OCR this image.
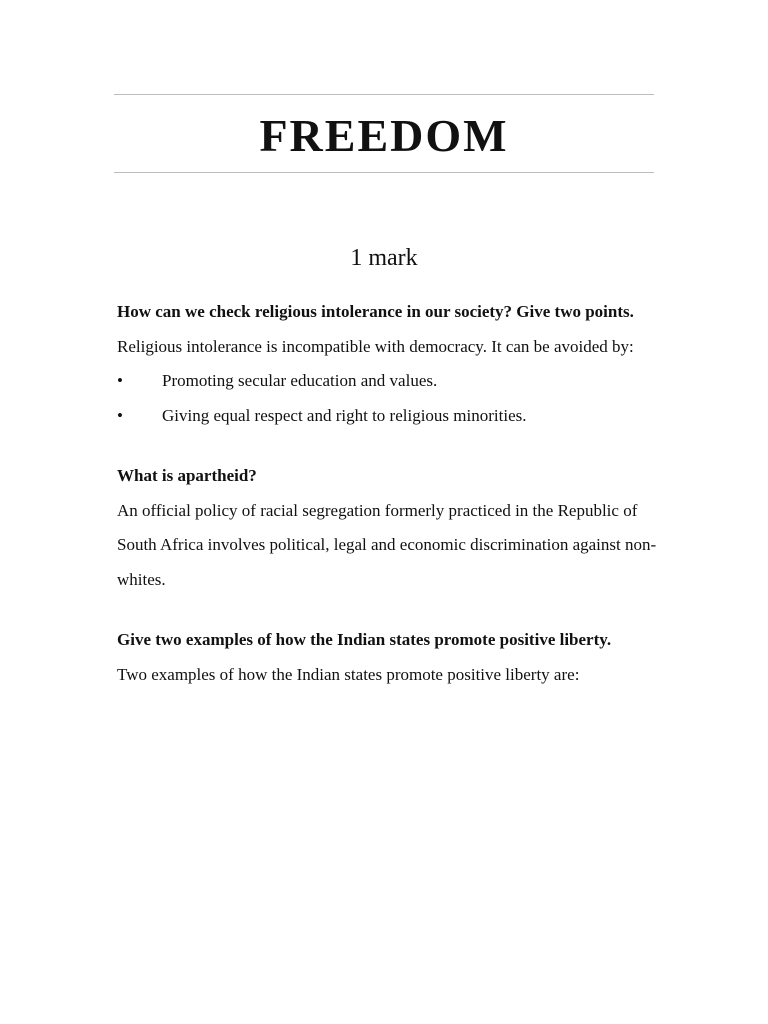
FREEDOM
1 mark

How can we check religious intolerance in our society? Give two points.

Religious intolerance is incompatible with democracy. It can be avoided by:

• Promoting secular education and values.
• Giving equal respect and right to religious minorities.

What is apartheid?

An official policy of racial segregation formerly practiced in the Republic of South Africa involves political, legal and economic discrimination against non-whites.

Give two examples of how the Indian states promote positive liberty.

Two examples of how the Indian states promote positive liberty are:
